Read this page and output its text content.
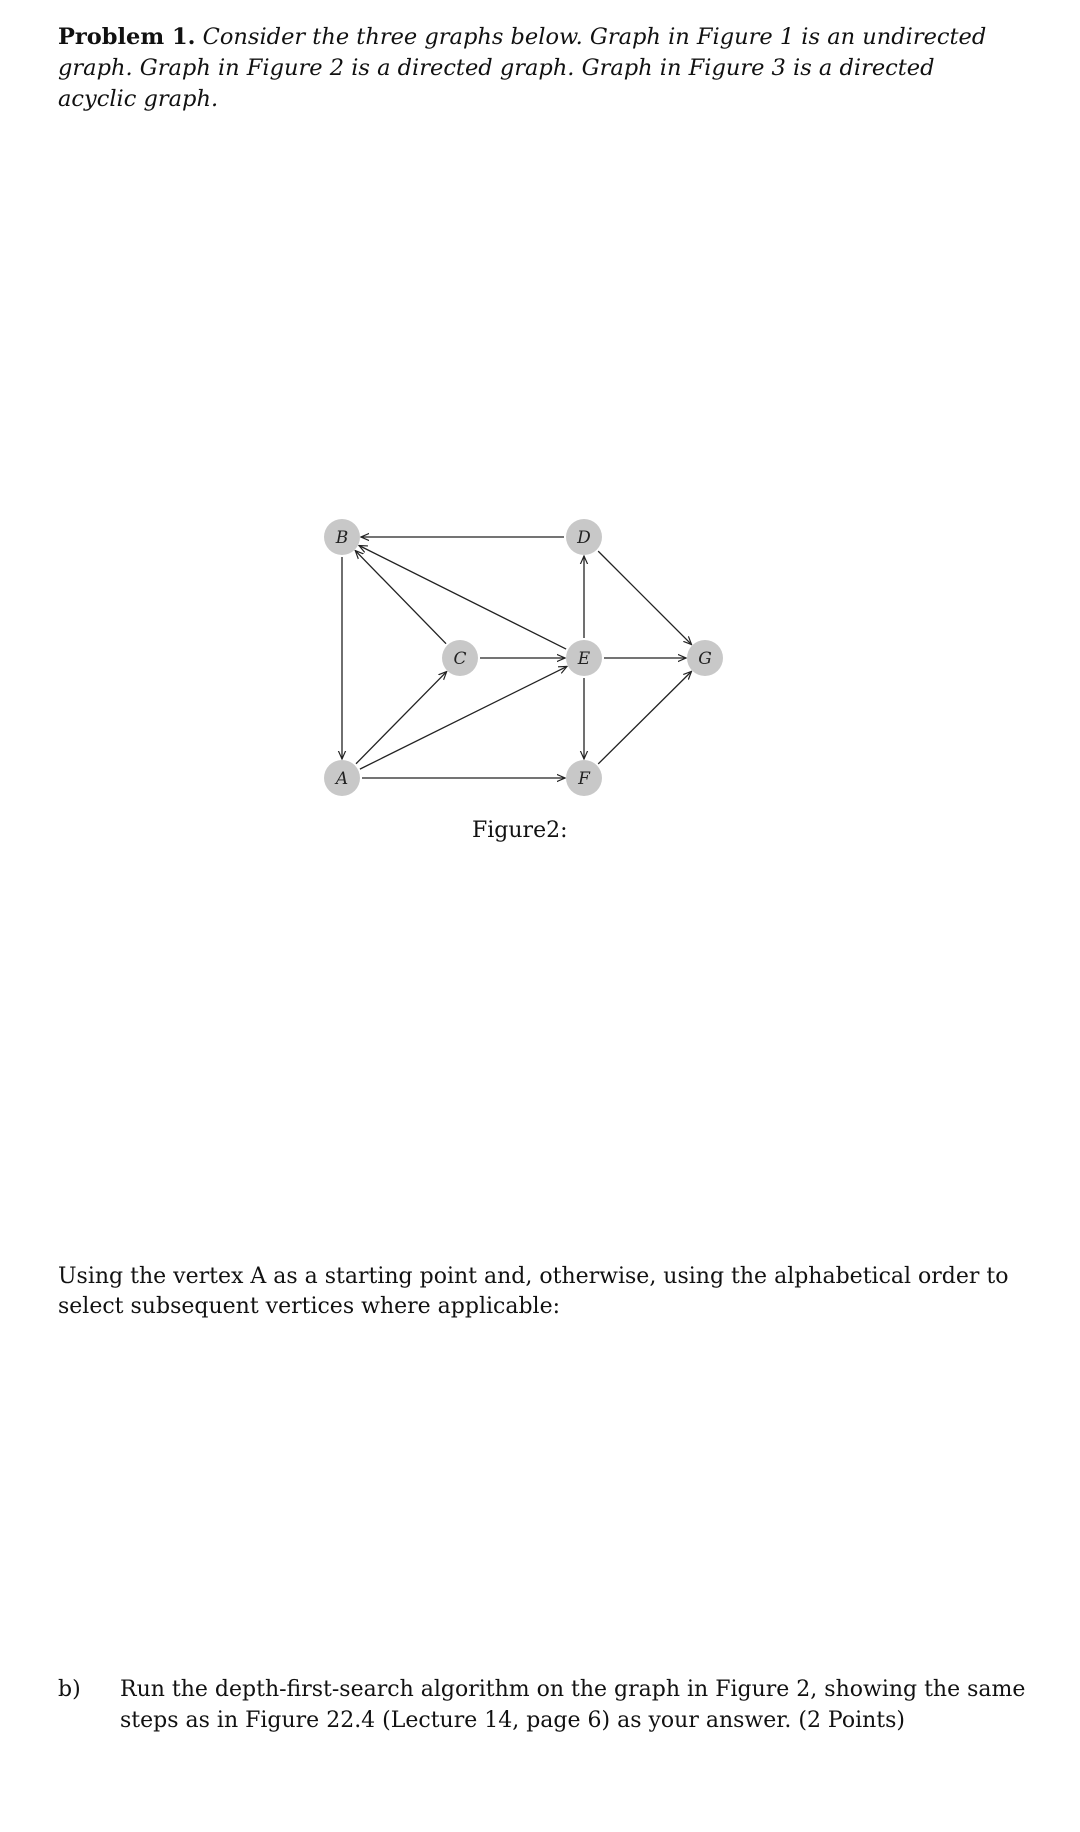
Problem 1. Consider the three graphs below. Graph in Figure 1 is an undirected graph. Graph in Figure 2 is a directed graph. Graph in Figure 3 is a directed acyclic graph.
A
B
C
D
E
F
G
Figure2:
Using the vertex A as a starting point and, otherwise, using the alphabetical order to select subsequent vertices where applicable:
b)	Run the depth-first-search algorithm on the graph in Figure 2, showing the same steps as in Figure 22.4 (Lecture 14, page 6) as your answer. (2 Points)
